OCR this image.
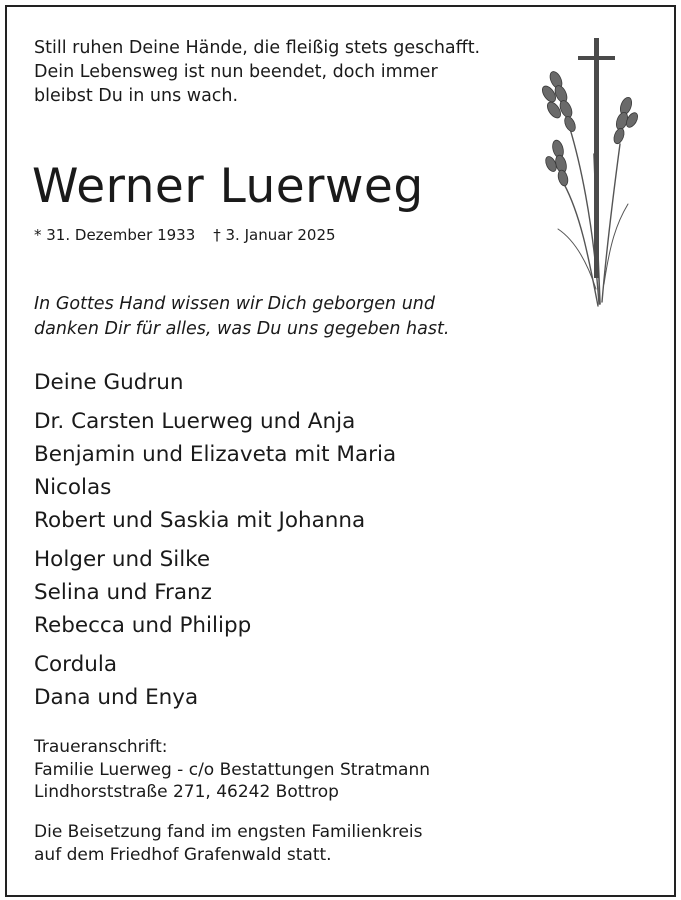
Still ruhen Deine Hände, die fleißig stets geschafft.
Dein Lebensweg ist nun beendet, doch immer
bleibst Du in uns wach.
Werner Luerweg
* 31. Dezember 1933 † 3. Januar 2025
In Gottes Hand wissen wir Dich geborgen und
danken Dir für alles, was Du uns gegeben hast.
Deine Gudrun
Dr. Carsten Luerweg und Anja
Benjamin und Elizaveta mit Maria
Nicolas
Robert und Saskia mit Johanna
Holger und Silke
Selina und Franz
Rebecca und Philipp
Cordula
Dana und Enya
Traueranschrift:
Familie Luerweg - c/o Bestattungen Stratmann
Lindhorststraße 271, 46242 Bottrop
Die Beisetzung fand im engsten Familienkreis
auf dem Friedhof Grafenwald statt.
